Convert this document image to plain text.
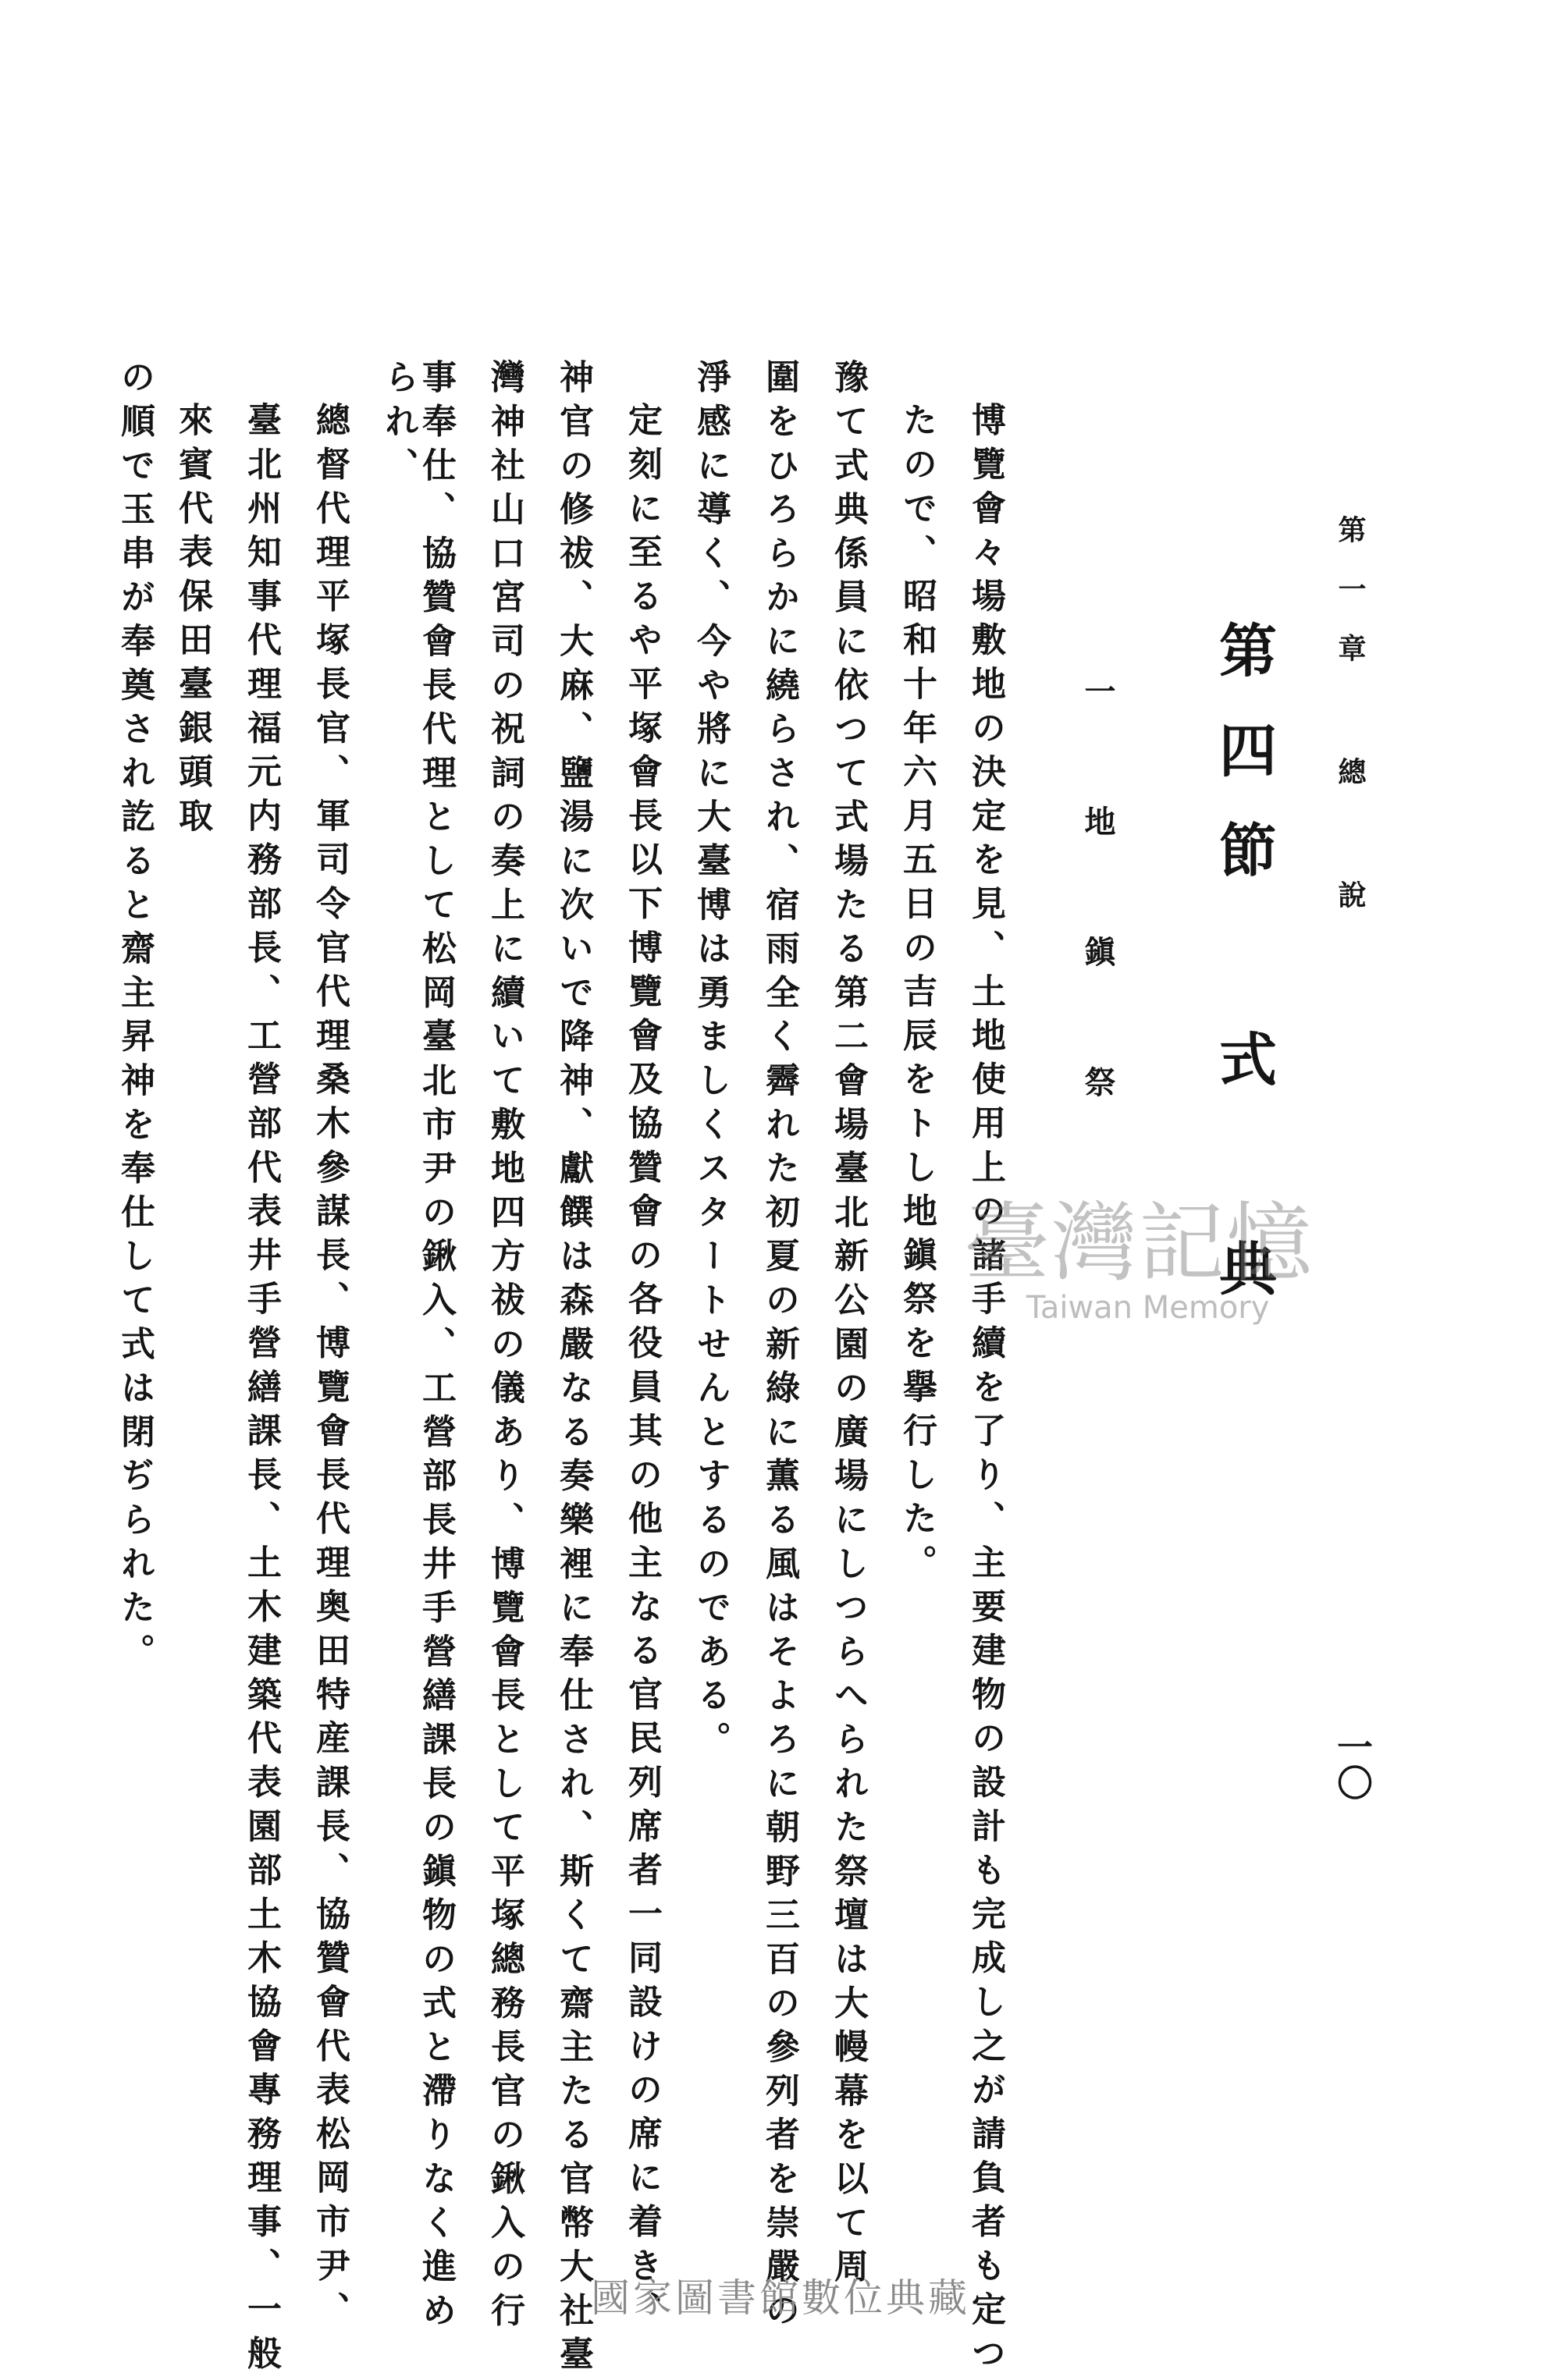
第一章 總 說
一〇
第四節 式 典
一 地 鎭 祭
博覽會々場敷地の決定を見、土地使用上の諸手續を了り、主要建物の設計も完成し之が請負者も定つ
たので、昭和十年六月五日の吉辰をトし地鎭祭を擧行した。
豫て式典係員に依つて式場たる第二會場臺北新公園の廣場にしつらへられた祭壇は大幔幕を以て周
圍をひろらかに繞らされ、宿雨全く霽れた初夏の新綠に薫る風はそよろに朝野三百の參列者を崇嚴の
淨感に導く、今や將に大臺博は勇ましくスタートせんとするのである。
定刻に至るや平塚會長以下博覽會及協贊會の各役員其の他主なる官民列席者一同設けの席に着き、
神官の修祓、大麻、鹽湯に次いで降神、獻饌は森嚴なる奏樂裡に奉仕され、斯くて齋主たる官幣大社臺
灣神社山口宮司の祝詞の奏上に續いて敷地四方祓の儀あり、博覽會長として平塚總務長官の鍬入の行
事奉仕、協贊會長代理として松岡臺北市尹の鍬入、工營部長井手營繕課長の鎭物の式と滯りなく進め
られ、
總督代理平塚長官、軍司令官代理桑木參謀長、博覽會長代理奥田特産課長、協贊會代表松岡市尹、
臺北州知事代理福元内務部長、工營部代表井手營繕課長、土木建築代表園部土木協會專務理事、一般
來賓代表保田臺銀頭取
の順で玉串が奉奠され訖ると齋主昇神を奉仕して式は閉ぢられた。	臺灣記憶
Taiwan Memory
國家圖書館數位典藏
